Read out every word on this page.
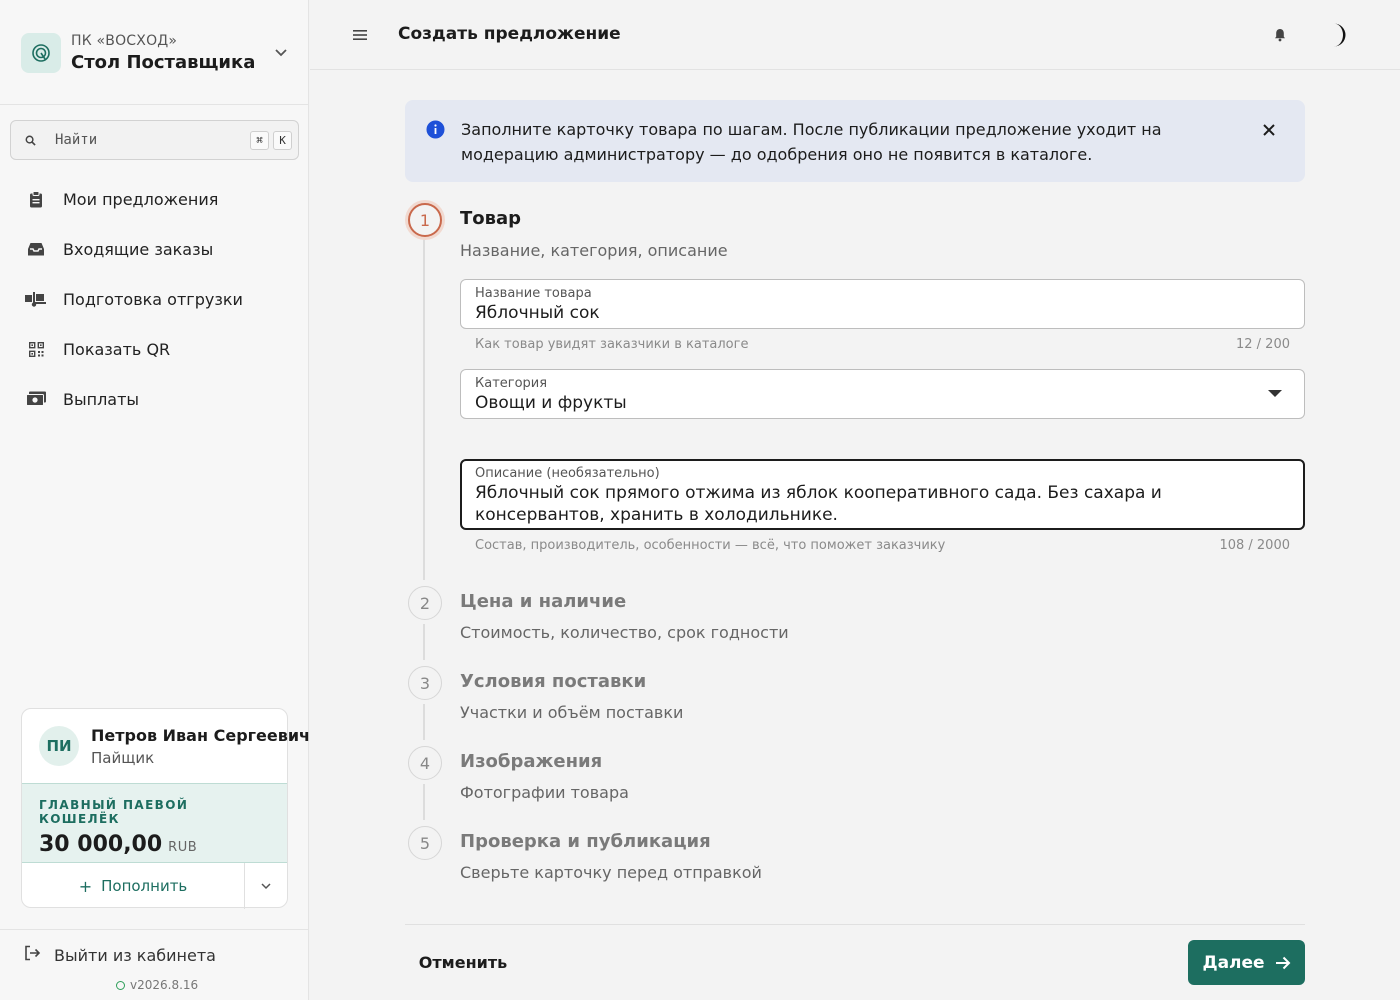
ПК «ВОСХОД»
Стол Поставщика
Найти	⌘	K
Мои предложения
Входящие заказы
Подготовка отгрузки
Показать QR
Выплаты
ПИ
Петров Иван Сергеевич
Пайщик
ГЛАВНЫЙ ПАЕВОЙ КОШЕЛЁК
30 000,00 RUB
+ Пополнить
Выйти из кабинета
v2026.8.16
Создать предложение
Заполните карточку товара по шагам. После публикации предложение уходит на модерацию администратору — до одобрения оно не появится в каталоге.
1	Товар
Название, категория, описание
Название товара
Яблочный сок
Как товар увидят заказчики в каталоге	12 / 200
Категория
Овощи и фрукты
Описание (необязательно)
Яблочный сок прямого отжима из яблок кооперативного сада. Без сахара и консервантов, хранить в холодильнике.
Состав, производитель, особенности — всё, что поможет заказчику	108 / 2000
2	Цена и наличие
Стоимость, количество, срок годности
3	Условия поставки
Участки и объём поставки
4	Изображения
Фотографии товара
5	Проверка и публикация
Сверьте карточку перед отправкой
Отменить	Далее
